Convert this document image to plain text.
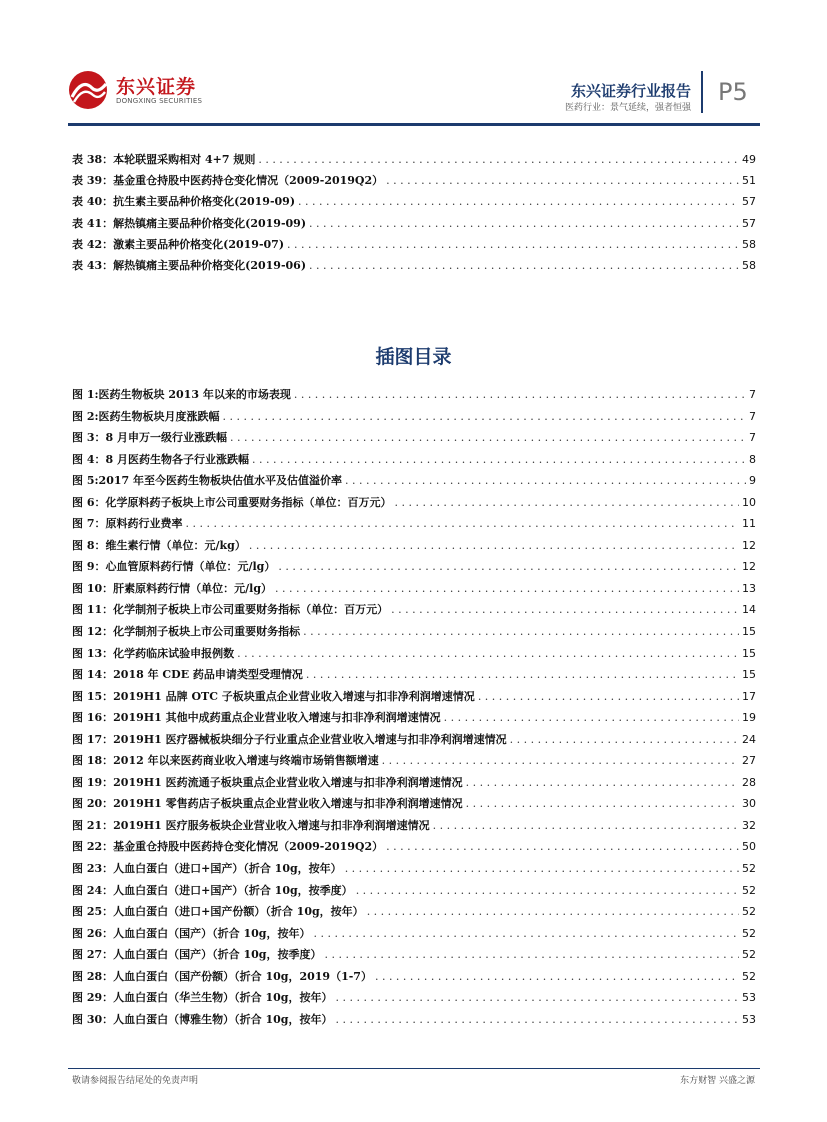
东兴证券
DONGXING SECURITIES
东兴证券行业报告
医药行业：景气延续，强者恒强
P5
表 38：本轮联盟采购相对 4+7 规则 . . .	49
表 39：基金重仓持股中医药持仓变化情况（2009-2019Q2） . . .	51
表 40：抗生素主要品种价格变化(2019-09) . . .	57
表 41：解热镇痛主要品种价格变化(2019-09) . . .	57
表 42：激素主要品种价格变化(2019-07) . . .	58
表 43：解热镇痛主要品种价格变化(2019-06) . . .	58
插图目录
图 1:医药生物板块 2013 年以来的市场表现 . . .	7
图 2:医药生物板块月度涨跌幅 . . .	7
图 3：8 月申万一级行业涨跌幅 . . .	7
图 4：8 月医药生物各子行业涨跌幅 . . .	8
图 5:2017 年至今医药生物板块估值水平及估值溢价率 . . .	9
图 6：化学原料药子板块上市公司重要财务指标（单位：百万元） . . .	10
图 7：原料药行业费率 . . .	11
图 8：维生素行情（单位：元/kg） . . .	12
图 9：心血管原料药行情（单位：元/lg） . . .	12
图 10：肝素原料药行情（单位：元/lg） . . .	13
图 11：化学制剂子板块上市公司重要财务指标（单位：百万元） . . .	14
图 12：化学制剂子板块上市公司重要财务指标 . . .	15
图 13：化学药临床试验申报例数 . . .	15
图 14：2018 年 CDE 药品申请类型受理情况 . . .	15
图 15：2019H1 品牌 OTC 子板块重点企业营业收入增速与扣非净利润增速情况 . . .	17
图 16：2019H1 其他中成药重点企业营业收入增速与扣非净利润增速情况 . . .	19
图 17：2019H1 医疗器械板块细分子行业重点企业营业收入增速与扣非净利润增速情况 . . .	24
图 18：2012 年以来医药商业收入增速与终端市场销售额增速 . . .	27
图 19：2019H1 医药流通子板块重点企业营业收入增速与扣非净利润增速情况 . . .	28
图 20：2019H1 零售药店子板块重点企业营业收入增速与扣非净利润增速情况 . . .	30
图 21：2019H1 医疗服务板块企业营业收入增速与扣非净利润增速情况 . . .	32
图 22：基金重仓持股中医药持仓变化情况（2009-2019Q2） . . .	50
图 23：人血白蛋白（进口+国产）（折合 10g，按年） . . .	52
图 24：人血白蛋白（进口+国产）（折合 10g，按季度） . . .	52
图 25：人血白蛋白（进口+国产份额）（折合 10g，按年） . . .	52
图 26：人血白蛋白（国产）（折合 10g，按年） . . .	52
图 27：人血白蛋白（国产）（折合 10g，按季度） . . .	52
图 28：人血白蛋白（国产份额）（折合 10g，2019（1-7） . . .	52
图 29：人血白蛋白（华兰生物）（折合 10g，按年） . . .	53
图 30：人血白蛋白（博雅生物）（折合 10g，按年） . . .	53
敬请参阅报告结尾处的免责声明	东方财智 兴盛之源
